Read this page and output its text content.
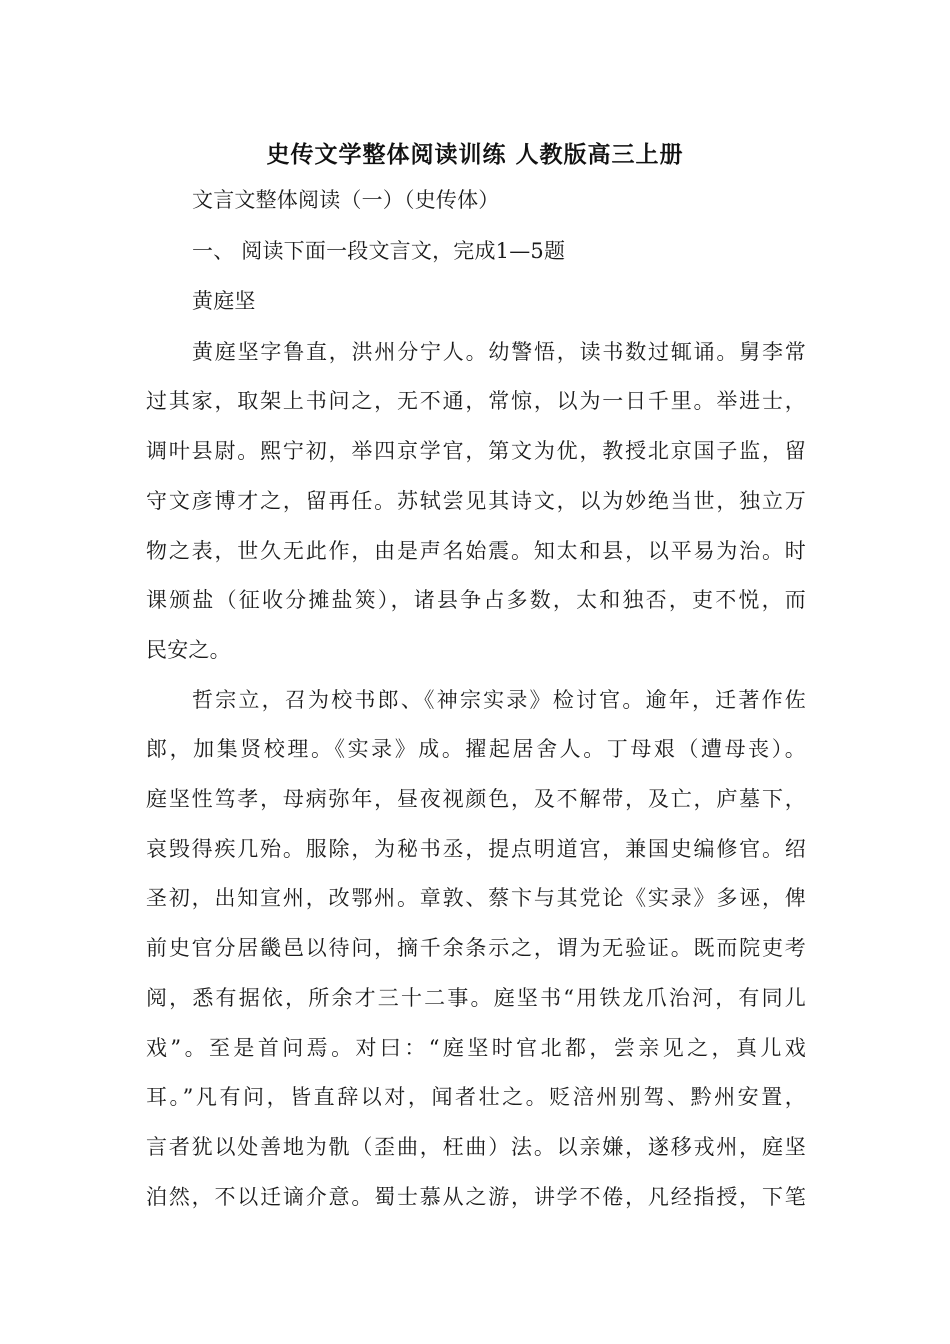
史传文学整体阅读训练 人教版高三上册
文言文整体阅读（一）（史传体）
一、 阅读下面一段文言文，完成1—5题
黄庭坚
黄庭坚字鲁直，洪州分宁人。幼警悟，读书数过辄诵。舅李常
过其家，取架上书问之，无不通，常惊，以为一日千里。举进士，
调叶县尉。熙宁初，举四京学官，第文为优，教授北京国子监，留
守文彦博才之，留再任。苏轼尝见其诗文，以为妙绝当世，独立万
物之表，世久无此作，由是声名始震。知太和县，以平易为治。时
课颁盐（征收分摊盐筴），诸县争占多数，太和独否，吏不悦，而
民安之。
哲宗立，召为校书郎、《神宗实录》检讨官。逾年，迁著作佐
郎，加集贤校理。《实录》成。擢起居舍人。丁母艰（遭母丧）。
庭坚性笃孝，母病弥年，昼夜视颜色，及不解带，及亡，庐墓下，
哀毁得疾几殆。服除，为秘书丞，提点明道宫，兼国史编修官。绍
圣初，出知宣州，改鄂州。章敦、蔡卞与其党论《实录》多诬，俾
前史官分居畿邑以待问，摘千余条示之，谓为无验证。既而院吏考
阅，悉有据依，所余才三十二事。庭坚书“用铁龙爪治河，有同儿
戏”。至是首问焉。对曰：“庭坚时官北都，尝亲见之，真儿戏
耳。”凡有问，皆直辞以对，闻者壮之。贬涪州别驾、黔州安置，
言者犹以处善地为骩（歪曲，枉曲）法。以亲嫌，遂移戎州，庭坚
泊然，不以迁谪介意。蜀士慕从之游，讲学不倦，凡经指授，下笔
